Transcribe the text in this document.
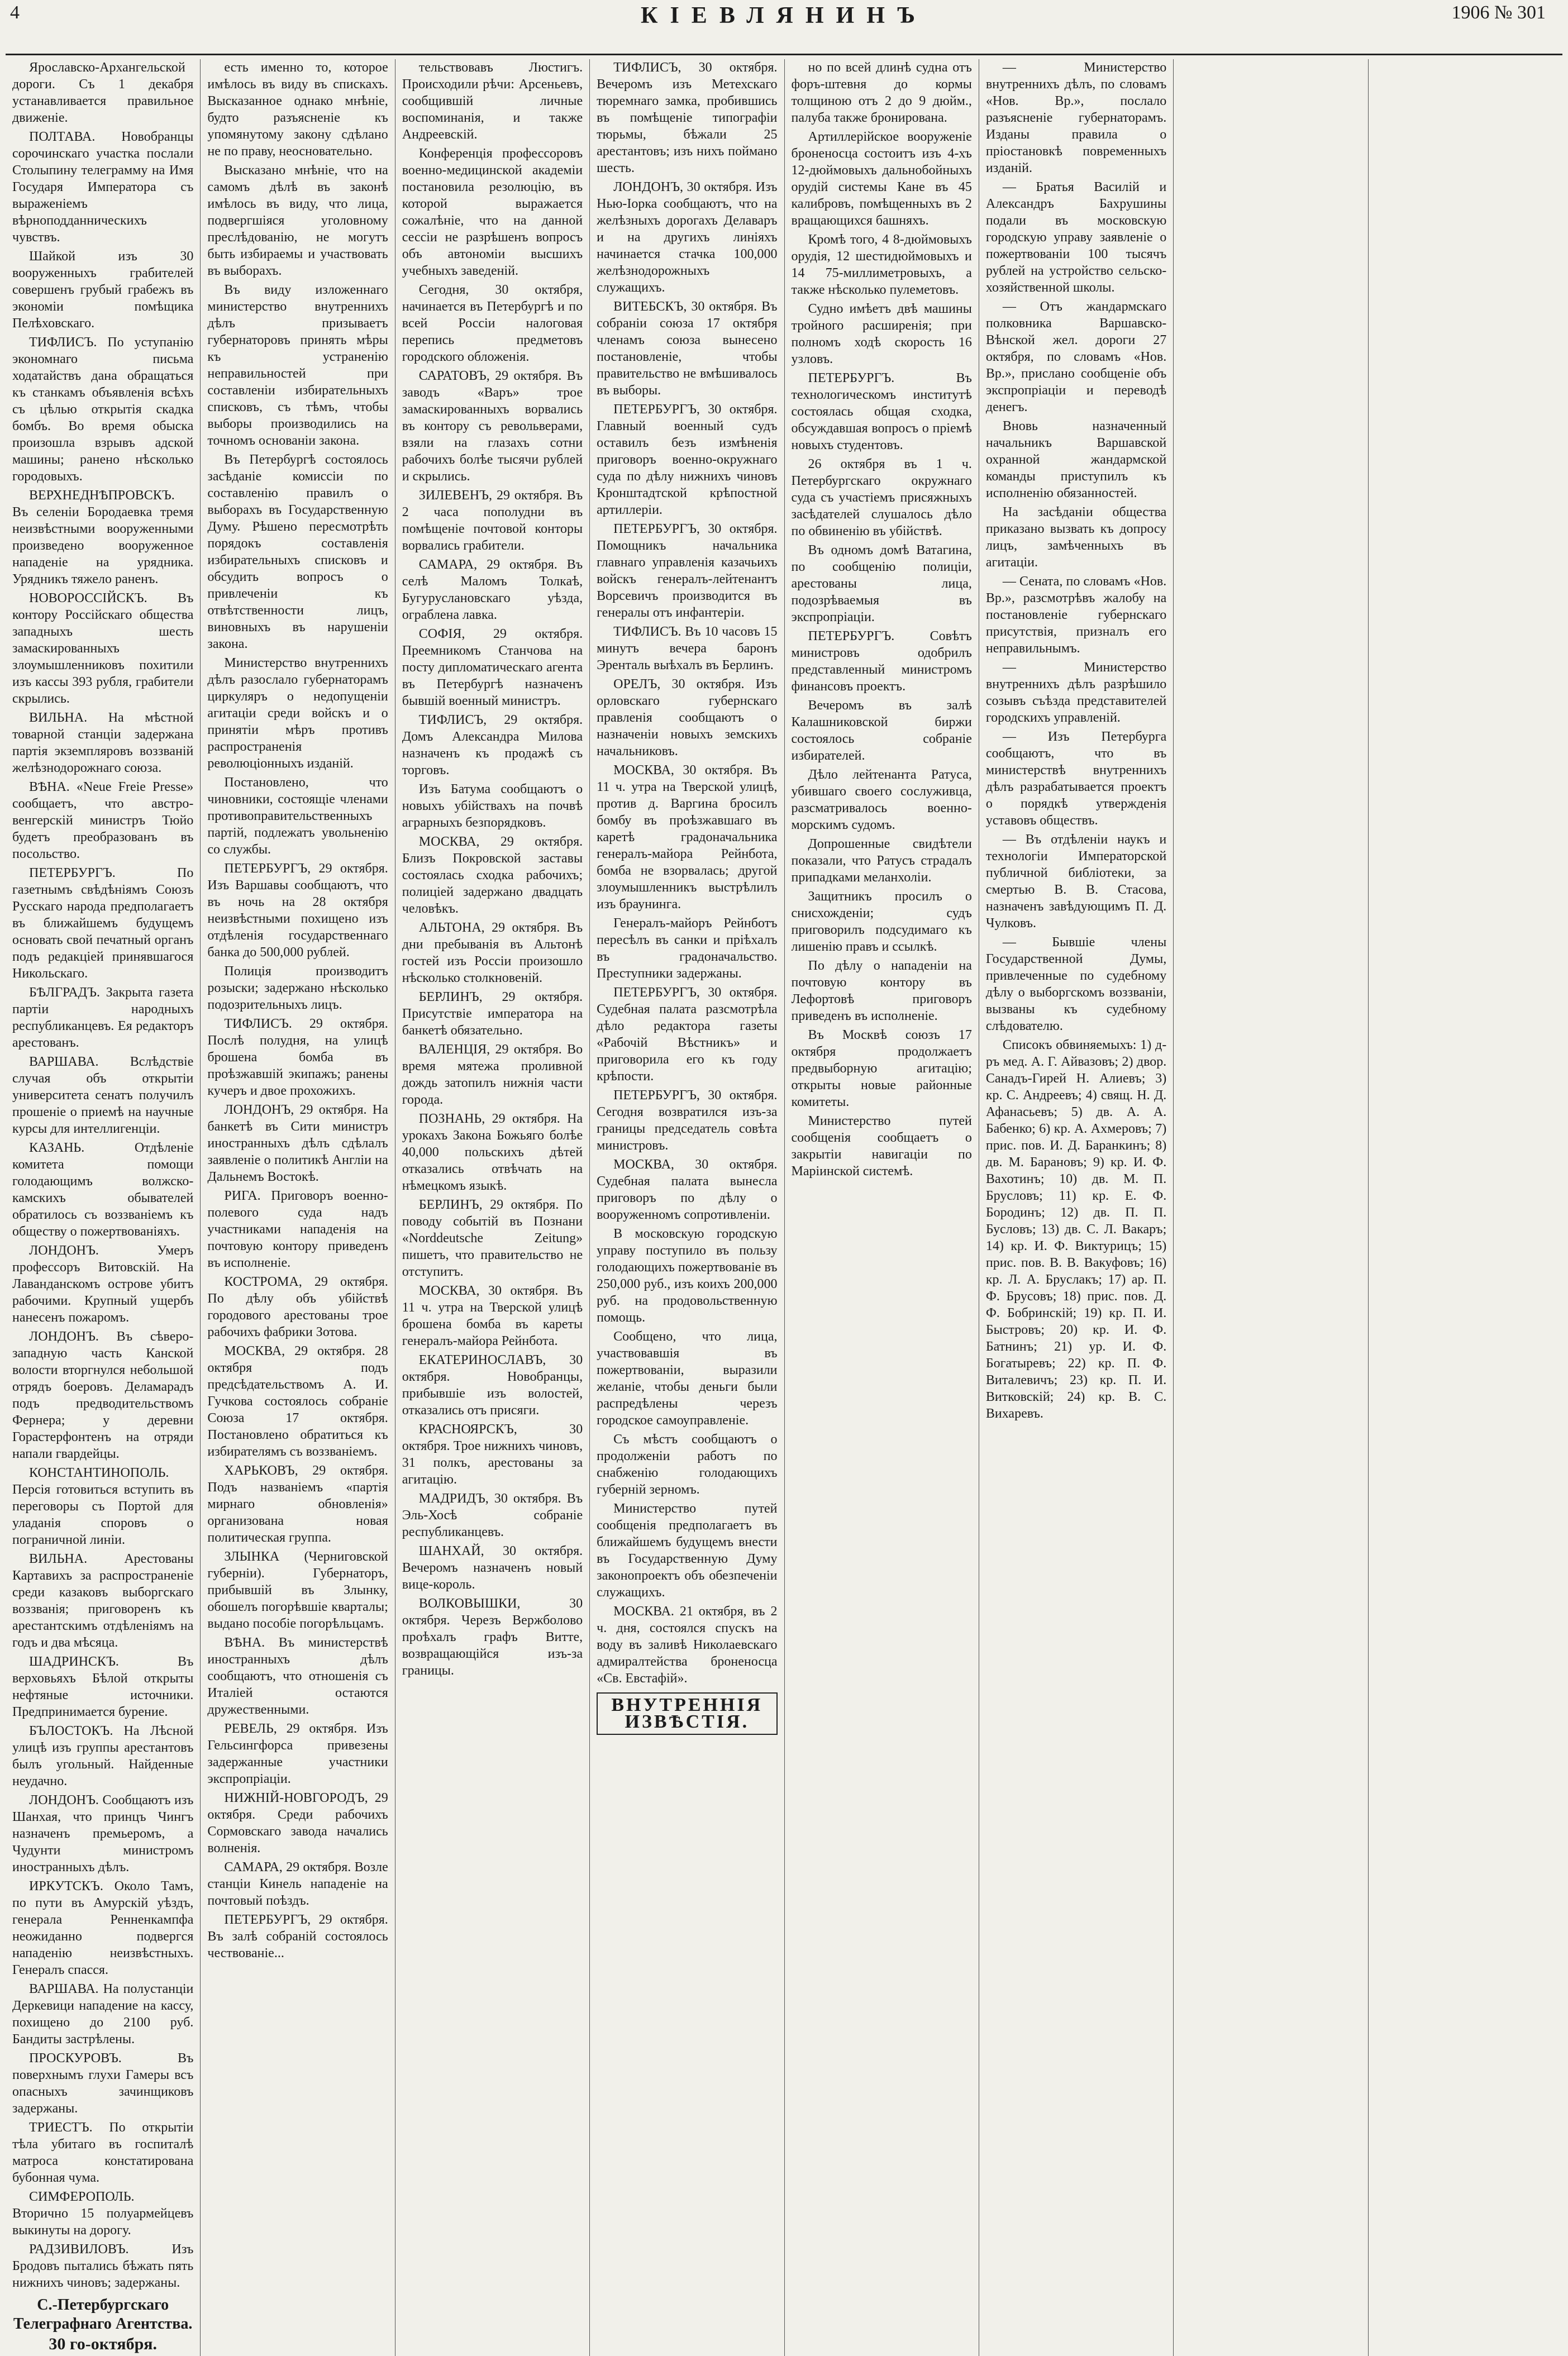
4	КІЕВЛЯНИНЪ	1906 № 301

Ярославско-Архангельской дороги. Съ 1 декабря устанавливается правильное движеніе.

ПОЛТАВА. Новобранцы сорочинскаго участка послали Столыпину телеграмму на Имя Государя Императора съ выраженіемъ вѣрноподданническихъ чувствъ.

Шайкой изъ 30 вооруженныхъ грабителей совершенъ грубый грабежъ въ экономіи помѣщика Пелѣховскаго.

ТИФЛИСЪ. По уступанію экономнаго письма ходатайствъ дана обращаться къ станкамъ объявленія всѣхъ съ цѣлью открытія скадка бомбъ. Во время обыска произошла взрывъ адской машины; ранено нѣсколько городовыхъ.

ВЕРХНЕДНѢПРОВСКЪ. Въ селеніи Бородаевка тремя неизвѣстными вооруженными произведено вооруженное нападеніе на урядника. Урядникъ тяжело раненъ.

НОВОРОССІЙСКЪ. Въ контору Россійскаго общества западныхъ шесть замаскированныхъ злоумышленниковъ похитили изъ кассы 393 рубля, грабители скрылись.

ВИЛЬНА. На мѣстной товарной станціи задержана партія экземпляровъ воззваній желѣзнодорожнаго союза.

ВѢНА. «Neue Freie Presse» сообщаетъ, что австро-венгерскій министръ Тюйо будетъ преобразованъ въ посольство.

ПЕТЕРБУРГЪ. По газетнымъ свѣдѣніямъ Союзъ Русскаго народа предполагаетъ въ ближайшемъ будущемъ основать свой печатный органъ подъ редакціей принявшагося Никольскаго.

БѢЛГРАДЪ. Закрыта газета партіи народныхъ республиканцевъ. Ея редакторъ арестованъ.

ВАРШАВА. Вслѣдствіе случая объ открытіи университета сенатъ получилъ прошеніе о приемѣ на научные курсы для интеллигенціи.

КАЗАНЬ. Отдѣленіе комитета помощи голодающимъ волжско-камскихъ обывателей обратилось съ воззваніемъ къ обществу о пожертвованіяхъ.

ЛОНДОНЪ. Умеръ профессоръ Витовскій. На Лаванданскомъ острове убитъ рабочими. Крупный ущербъ нанесенъ пожаромъ.

ЛОНДОНЪ. Въ сѣверо-западную часть Канской волости вторгнулся небольшой отрядъ боеровъ. Деламарадъ подъ предводительствомъ Фернера; у деревни Горастерфонтенъ на отряди напали гвардейцы.

КОНСТАНТИНОПОЛЬ. Персія готовиться вступить въ переговоры съ Портой для уладанія споровъ о пограничной линіи.

ВИЛЬНА. Арестованы Картавихъ за распространеніе среди казаковъ выборгскаго воззванія; приговоренъ къ арестантскимъ отдѣленіямъ на годъ и два мѣсяца.

ШАДРИНСКЪ. Въ верховьяхъ Бѣлой открыты нефтяные источники. Предпринимается бурение.

БЪЛОСТОКЪ. На Лѣсной улицѣ изъ группы арестантовъ былъ угольный. Найденные неудачно.

ЛОНДОНЪ. Сообщаютъ изъ Шанхая, что принцъ Чингъ назначенъ премьеромъ, а Чудунти министромъ иностранныхъ дѣлъ.

ИРКУТСКЪ. Около Тамъ, по пути въ Амурскій уѣздъ, генерала Ренненкампфа неожиданно подвергся нападенію неизвѣстныхъ. Генералъ спасся.

ВАРШАВА. На полустанціи Деркевици нападение на кассу, похищено до 2100 руб. Бандиты застрѣлены.

ПРОСКУРОВЪ. Въ поверхнымъ глухи Гамеры всъ опасныхъ зачинщиковъ задержаны.

ТРИЕСТЪ. По открытіи тѣла убитаго въ госпиталѣ матроса констатирована бубонная чума.

СИМФЕРОПОЛЬ. Вторично 15 полуармейцевъ выкинуты на дорогу.

РАДЗИВИЛОВЪ. Изъ Бродовъ пытались бѣжать пять нижнихъ чиновъ; задержаны.

С.-Петербургскаго Телеграфнаго Агентства.
30 го-октября.

есть именно то, которое имѣлось въ виду въ спискахъ. Высказанное однако мнѣніе, будто разъясненіе къ упомянутому закону сдѣлано не по праву, неосновательно.

Высказано мнѣніе, что на самомъ дѣлѣ въ законѣ имѣлось въ виду, что лица, подвергшіяся уголовному преслѣдованію, не могутъ быть избираемы и участвовать въ выборахъ.

Въ виду изложеннаго министерство внутреннихъ дѣлъ призываетъ губернаторовъ принять мѣры къ устраненію неправильностей при составленіи избирательныхъ списковъ, съ тѣмъ, чтобы выборы производились на точномъ основаніи закона.

Въ Петербургѣ состоялось засѣданіе комиссіи по составленію правилъ о выборахъ въ Государственную Думу. Рѣшено пересмотрѣть порядокъ составленія избирательныхъ списковъ и обсудить вопросъ о привлеченіи къ отвѣтственности лицъ, виновныхъ въ нарушеніи закона.

Министерство внутреннихъ дѣлъ разослало губернаторамъ циркуляръ о недопущеніи агитаціи среди войскъ и о принятіи мѣръ противъ распространенія революціонныхъ изданій.

Постановлено, что чиновники, состоящіе членами противоправительственныхъ партій, подлежатъ увольненію со службы.

ПЕТЕРБУРГЪ, 29 октября. Изъ Варшавы сообщаютъ, что въ ночь на 28 октября неизвѣстными похищено изъ отдѣленія государственнаго банка до 500,000 рублей.

Полиція производитъ розыски; задержано нѣсколько подозрительныхъ лицъ.

ТИФЛИСЪ. 29 октября. Послѣ полудня, на улицѣ брошена бомба въ проѣзжавшій экипажъ; ранены кучеръ и двое прохожихъ.

ЛОНДОНЪ, 29 октября. На банкетѣ въ Сити министръ иностранныхъ дѣлъ сдѣлалъ заявленіе о политикѣ Англіи на Дальнемъ Востокѣ.

РИГА. Приговоръ военно-полевого суда надъ участниками нападенія на почтовую контору приведенъ въ исполненіе.

КОСТРОМА, 29 октября. По дѣлу объ убійствѣ городового арестованы трое рабочихъ фабрики Зотова.

МОСКВА, 29 октября. 28 октября подъ предсѣдательствомъ А. И. Гучкова состоялось собраніе Союза 17 октября. Постановлено обратиться къ избирателямъ съ воззваніемъ.

ХАРЬКОВЪ, 29 октября. Подъ названіемъ «партія мирнаго обновленія» организована новая политическая группа.

ЗЛЫНКА (Черниговской губерніи). Губернаторъ, прибывшій въ Злынку, обошелъ погорѣвшіе кварталы; выдано пособіе погорѣльцамъ.

ВѢНА. Въ министерствѣ иностранныхъ дѣлъ сообщаютъ, что отношенія съ Италіей остаются дружественными.

РЕВЕЛЬ, 29 октября. Изъ Гельсингфорса привезены задержанные участники экспропріаціи.

НИЖНІЙ-НОВГОРОДЪ, 29 октября. Среди рабочихъ Сормовскаго завода начались волненія.

САМАРА, 29 октября. Возле станціи Кинель нападеніе на почтовый поѣздъ.

ПЕТЕРБУРГЪ, 29 октября. Въ залѣ собраній состоялось чествованіе...

тельствовавъ Люстигъ. Происходили рѣчи: Арсеньевъ, сообщившій личные воспоминанія, и также Андреевскій.

Конференція профессоровъ военно-медицинской академіи постановила резолюцію, въ которой выражается сожалѣніе, что на данной сессіи не разрѣшенъ вопросъ объ автономіи высшихъ учебныхъ заведеній.

Сегодня, 30 октября, начинается въ Петербургѣ и по всей Россіи налоговая перепись предметовъ городского обложенія.

САРАТОВЪ, 29 октября. Въ заводъ «Варъ» трое замаскированныхъ ворвались въ контору съ револьверами, взяли на глазахъ сотни рабочихъ болѣе тысячи рублей и скрылись.

ЗИЛЕВЕНЪ, 29 октября. Въ 2 часа пополудни въ помѣщеніе почтовой конторы ворвались грабители.

САМАРА, 29 октября. Въ селѣ Маломъ Толкаѣ, Бугуруслановскаго уѣзда, ограблена лавка.

СОФІЯ, 29 октября. Преемникомъ Станчова на посту дипломатическаго агента въ Петербургѣ назначенъ бывшій военный министръ.

ТИФЛИСЪ, 29 октября. Домъ Александра Милова назначенъ къ продажѣ съ торговъ.

Изъ Батума сообщаютъ о новыхъ убійствахъ на почвѣ аграрныхъ безпорядковъ.

МОСКВА, 29 октября. Близъ Покровской заставы состоялась сходка рабочихъ; полиціей задержано двадцать человѣкъ.

АЛЬТОНА, 29 октября. Въ дни пребыванія въ Альтонѣ гостей изъ Россіи произошло нѣсколько столкновеній.

БЕРЛИНЪ, 29 октября. Присутствіе императора на банкетѣ обязательно.

ВАЛЕНЦІЯ, 29 октября. Во время мятежа проливной дождь затопилъ нижнія части города.

ПОЗНАНЬ, 29 октября. На урокахъ Закона Божьяго болѣе 40,000 польскихъ дѣтей отказались отвѣчать на нѣмецкомъ языкѣ.

БЕРЛИНЪ, 29 октября. По поводу событій въ Познани «Norddeutsche Zeitung» пишетъ, что правительство не отступитъ.

МОСКВА, 30 октября. Въ 11 ч. утра на Тверской улицѣ брошена бомба въ кареты генералъ-майора Рейнбота.

ЕКАТЕРИНОСЛАВЪ, 30 октября. Новобранцы, прибывшіе изъ волостей, отказались отъ присяги.

КРАСНОЯРСКЪ, 30 октября. Трое нижнихъ чиновъ, 31 полкъ, арестованы за агитацію.

МАДРИДЪ, 30 октября. Въ Эль-Хосѣ собраніе республиканцевъ.

ШАНХАЙ, 30 октября. Вечеромъ назначенъ новый вице-король.

ВОЛКОВЫШКИ, 30 октября. Черезъ Вержболово проѣхалъ графъ Витте, возвращающійся изъ-за границы.

ТИФЛИСЪ, 30 октября. Вечеромъ изъ Метехскаго тюремнаго замка, пробившись въ помѣщеніе типографіи тюрьмы, бѣжали 25 арестантовъ; изъ нихъ поймано шесть.

ЛОНДОНЪ, 30 октября. Изъ Нью-Іорка сообщаютъ, что на желѣзныхъ дорогахъ Делаваръ и на другихъ линіяхъ начинается стачка 100,000 желѣзнодорожныхъ служащихъ.

ВИТЕБСКЪ, 30 октября. Въ собраніи союза 17 октября членамъ союза вынесено постановленіе, чтобы правительство не вмѣшивалось въ выборы.

ПЕТЕРБУРГЪ, 30 октября. Главный военный судъ оставилъ безъ измѣненія приговоръ военно-окружнаго суда по дѣлу нижнихъ чиновъ Кронштадтской крѣпостной артиллеріи.

ПЕТЕРБУРГЪ, 30 октября. Помощникъ начальника главнаго управленія казачьихъ войскъ генералъ-лейтенантъ Ворсевичъ производится въ генералы отъ инфантеріи.

ТИФЛИСЪ. Въ 10 часовъ 15 минутъ вечера баронъ Эренталь выѣхалъ въ Берлинъ.

ОРЕЛЪ, 30 октября. Изъ орловскаго губернскаго правленія сообщаютъ о назначеніи новыхъ земскихъ начальниковъ.

МОСКВА, 30 октября. Въ 11 ч. утра на Тверской улицѣ, против д. Варгина бросилъ бомбу въ проѣзжавшаго въ каретѣ градоначальника генералъ-майора Рейнбота, бомба не взорвалась; другой злоумышленникъ выстрѣлилъ изъ браунинга.

Генералъ-майоръ Рейнботъ пересѣлъ въ санки и пріѣхалъ въ градоначальство. Преступники задержаны.

ПЕТЕРБУРГЪ, 30 октября. Судебная палата разсмотрѣла дѣло редактора газеты «Рабочій Вѣстникъ» и приговорила его къ году крѣпости.

ПЕТЕРБУРГЪ, 30 октября. Сегодня возвратился изъ-за границы председатель совѣта министровъ.

МОСКВА, 30 октября. Судебная палата вынесла приговоръ по дѣлу о вооруженномъ сопротивленіи.

В московскую городскую управу поступило въ пользу голодающихъ пожертвованіе въ 250,000 руб., изъ коихъ 200,000 руб. на продовольственную помощь.

Сообщено, что лица, участвовавшія въ пожертвованіи, выразили желаніе, чтобы деньги были распредѣлены черезъ городское самоуправленіе.

Съ мѣстъ сообщаютъ о продолженіи работъ по снабженію голодающихъ губерній зерномъ.

Министерство путей сообщенія предполагаетъ въ ближайшемъ будущемъ внести въ Государственную Думу законопроектъ объ обезпеченіи служащихъ.

МОСКВА. 21 октября, въ 2 ч. дня, состоялся спускъ на воду въ заливѣ Николаевскаго адмиралтейства броненосца «Св. Евстафій».

ВНУТРЕННІЯ ИЗВѢСТІЯ.

но по всей длинѣ судна отъ форъ-штевня до кормы толщиною отъ 2 до 9 дюйм., палуба также бронирована.

Артиллерійское вооруженіе броненосца состоитъ изъ 4-хъ 12-дюймовыхъ дальнобойныхъ орудій системы Кане въ 45 калибровъ, помѣщенныхъ въ 2 вращающихся башняхъ.

Кромѣ того, 4 8-дюймовыхъ орудія, 12 шестидюймовыхъ и 14 75-миллиметровыхъ, а также нѣсколько пулеметовъ.

Судно имѣетъ двѣ машины тройного расширенія; при полномъ ходѣ скорость 16 узловъ.

ПЕТЕРБУРГЪ. Въ технологическомъ институтѣ состоялась общая сходка, обсуждавшая вопросъ о пріемѣ новыхъ студентовъ.

26 октября въ 1 ч. Петербургскаго окружнаго суда съ участіемъ присяжныхъ засѣдателей слушалось дѣло по обвиненію въ убійствѣ.

Въ одномъ домѣ Ватагина, по сообщенію полиціи, арестованы лица, подозрѣваемыя въ экспропріаціи.

ПЕТЕРБУРГЪ. Совѣтъ министровъ одобрилъ представленный министромъ финансовъ проектъ.

Вечеромъ въ залѣ Калашниковской биржи состоялось собраніе избирателей.

Дѣло лейтенанта Ратуса, убившаго своего сослуживца, разсматривалось военно-морскимъ судомъ.

Допрошенные свидѣтели показали, что Ратусъ страдалъ припадками меланхоліи.

Защитникъ просилъ о снисхожденіи; судъ приговорилъ подсудимаго къ лишенію правъ и ссылкѣ.

По дѣлу о нападеніи на почтовую контору въ Лефортовѣ приговоръ приведенъ въ исполненіе.

Въ Москвѣ союзъ 17 октября продолжаетъ предвыборную агитацію; открыты новые районные комитеты.

Министерство путей сообщенія сообщаетъ о закрытіи навигаціи по Маріинской системѣ.

— Министерство внутреннихъ дѣлъ, по словамъ «Нов. Вр.», послало разъясненіе губернаторамъ. Изданы правила о пріостановкѣ повременныхъ изданій.

— Братья Василій и Александръ Бахрушины подали въ московскую городскую управу заявленіе о пожертвованіи 100 тысячъ рублей на устройство сельско-хозяйственной школы.

— Отъ жандармскаго полковника Варшавско-Вѣнской жел. дороги 27 октября, по словамъ «Нов. Вр.», прислано сообщеніе объ экспропріаціи и переводѣ денегъ.

Вновь назначенный начальникъ Варшавской охранной жандармской команды приступилъ къ исполненію обязанностей.

На засѣданіи общества приказано вызвать къ допросу лицъ, замѣченныхъ въ агитаціи.

— Сената, по словамъ «Нов. Вр.», разсмотрѣвъ жалобу на постановленіе губернскаго присутствія, призналъ его неправильнымъ.

— Министерство внутреннихъ дѣлъ разрѣшило созывъ съѣзда представителей городскихъ управленій.

— Изъ Петербурга сообщаютъ, что въ министерствѣ внутреннихъ дѣлъ разрабатывается проектъ о порядкѣ утвержденія уставовъ обществъ.

— Въ отдѣленіи наукъ и технологіи Императорской публичной библіотеки, за смертью В. В. Стасова, назначенъ завѣдующимъ П. Д. Чулковъ.

— Бывшіе члены Государственной Думы, привлеченные по судебному дѣлу о выборгскомъ воззваніи, вызваны къ судебному слѣдователю.

Списокъ обвиняемыхъ: 1) д-ръ мед. А. Г. Айвазовъ; 2) двор. Санадъ-Гирей Н. Алиевъ; 3) кр. С. Андреевъ; 4) свящ. Н. Д. Афанасьевъ; 5) дв. А. А. Бабенко; 6) кр. А. Ахмеровъ; 7) прис. пов. И. Д. Баранкинъ; 8) дв. М. Барановъ; 9) кр. И. Ф. Вахотинъ; 10) дв. М. П. Брусловъ; 11) кр. Е. Ф. Бородинъ; 12) дв. П. П. Бусловъ; 13) дв. С. Л. Вакаръ; 14) кр. И. Ф. Виктурицъ; 15) прис. пов. В. В. Вакуфовъ; 16) кр. Л. А. Бруслакъ; 17) ар. П. Ф. Брусовъ; 18) прис. пов. Д. Ф. Бобринскій; 19) кр. П. И. Быстровъ; 20) кр. И. Ф. Батнинъ; 21) ур. И. Ф. Богатыревъ; 22) кр. П. Ф. Виталевичъ; 23) кр. П. И. Витковскій; 24) кр. В. С. Вихаревъ.
